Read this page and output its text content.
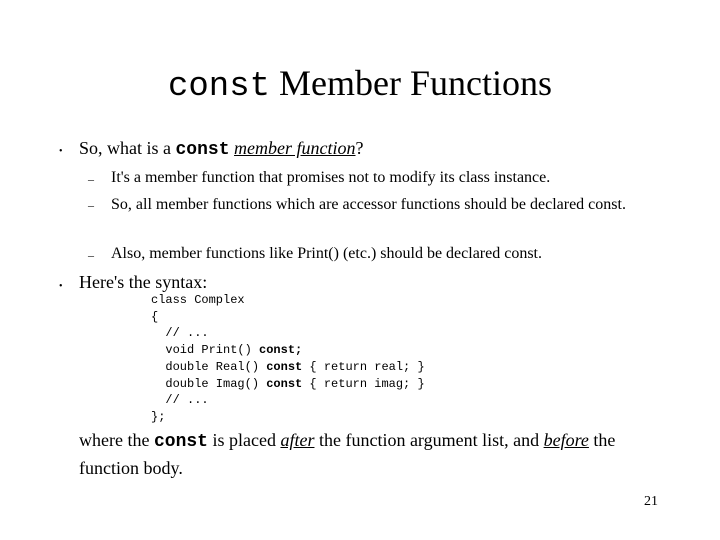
const Member Functions
• So, what is a const member function?
– It's a member function that promises not to modify its class instance.
– So, all member functions which are accessor functions should be declared const.
– Also, member functions like Print() (etc.) should be declared const.
• Here's the syntax:
class Complex
{
// ...
void Print() const;
double Real() const { return real; }
double Imag() const { return imag; }
// ...
};
where the const is placed after the function argument list, and before the function body.
21
